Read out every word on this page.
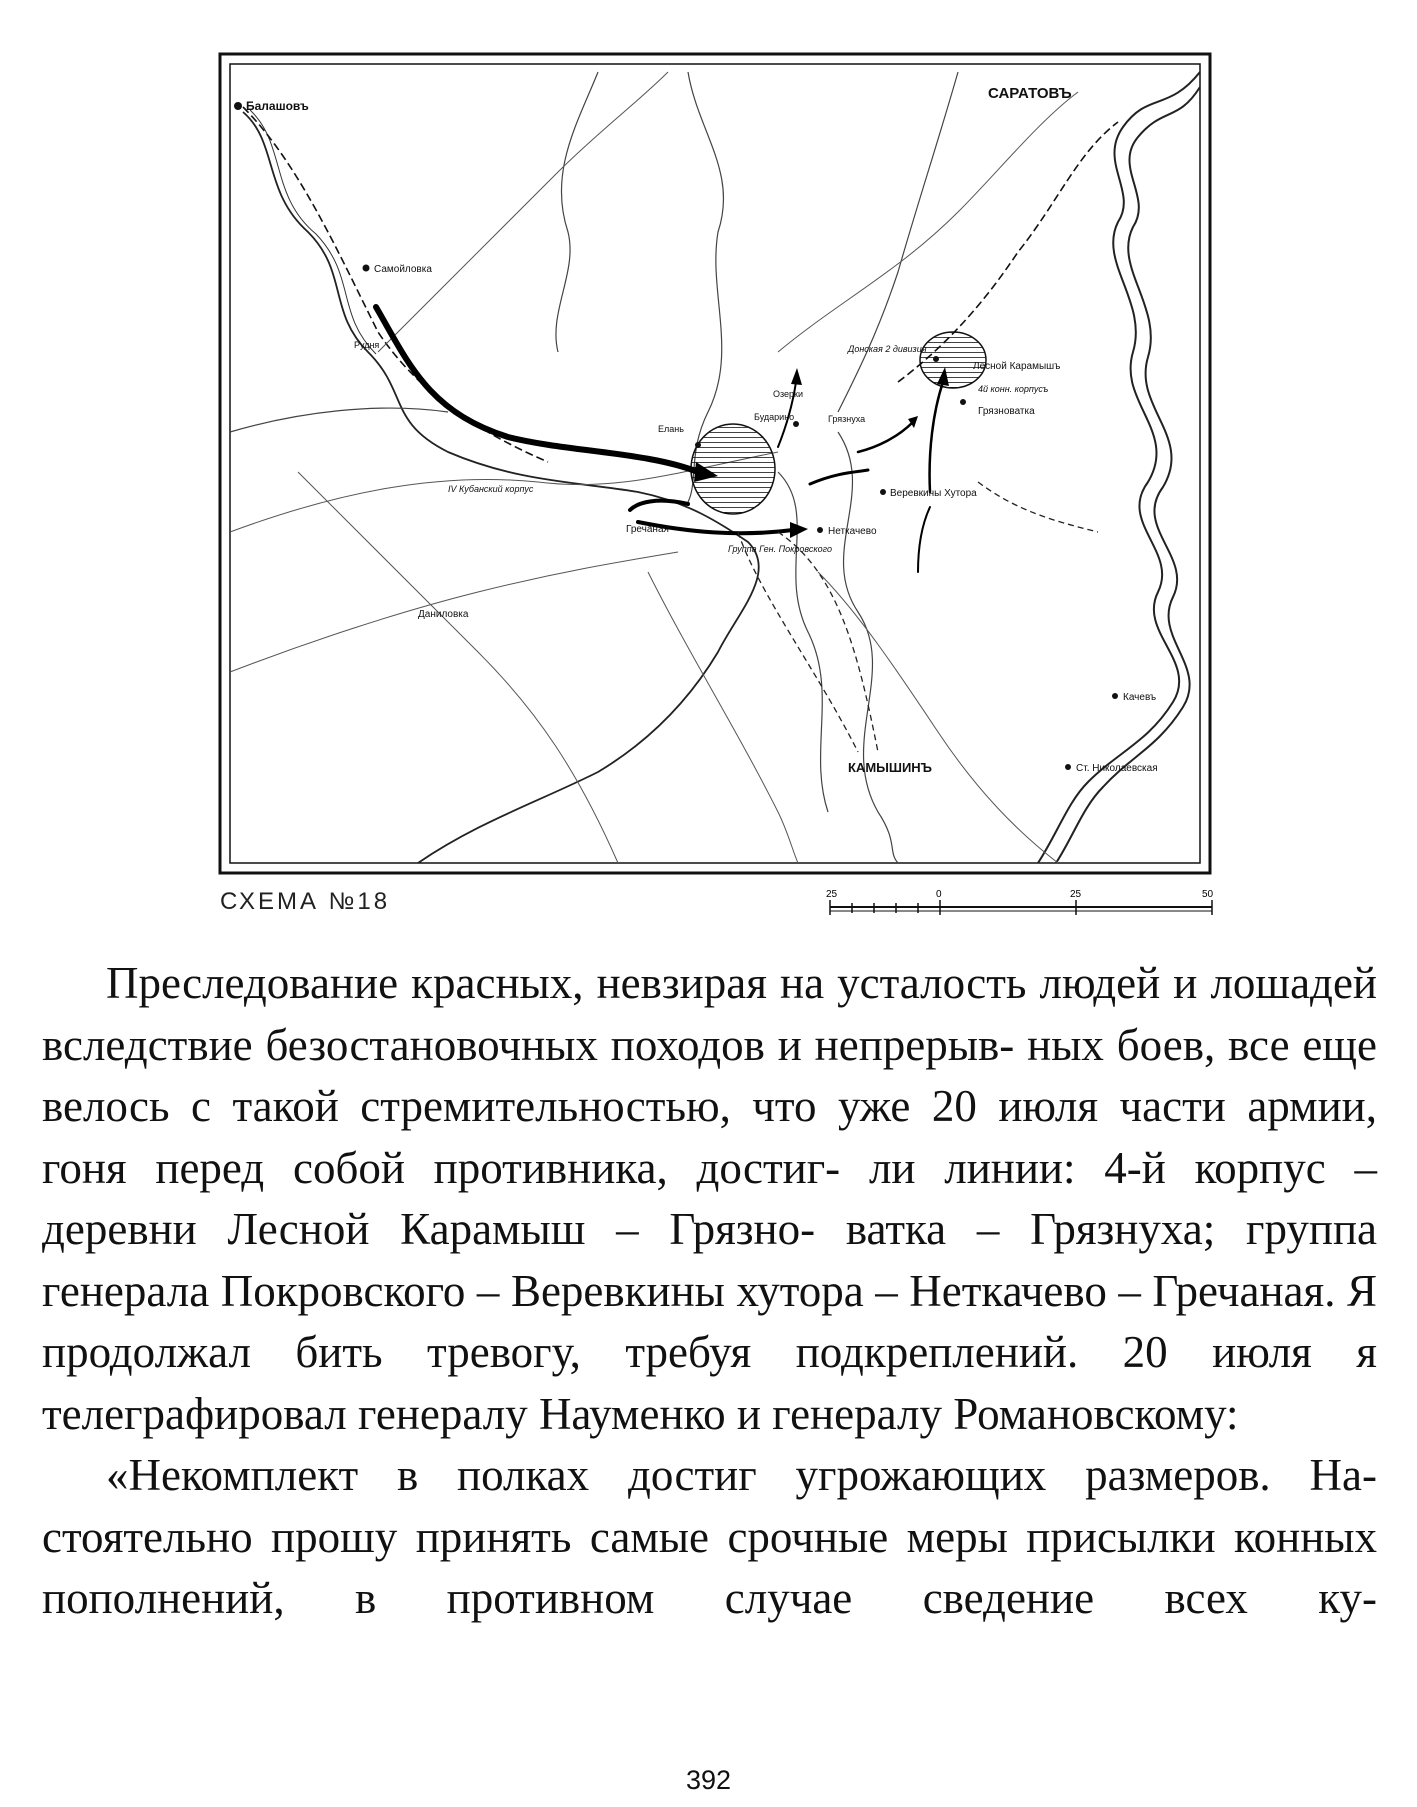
Балашовъ
САРАТОВЪ
Самойловка
Даниловка
КАМЫШИНЪ
Лесной Карамышъ
Грязноватка
Гречаная	Неткачево
Веревкины Хутора
Качевъ
Ст. Николаевская
IV Кубанский корпус
Донская 2 дивизия
4й конн. корпусъ
Группа Ген. Покровского
Рудня
Елань
Озерки
Бударино	Грязнуха
СХЕМА №18	25	0	25	50

Преследование красных, невзирая на усталость людей и лошадей вследствие безостановочных походов и непрерыв- ных боев, все еще велось с такой стремительностью, что уже 20 июля части армии, гоня перед собой противника, достиг- ли линии: 4-й корпус – деревни Лесной Карамыш – Грязно- ватка – Грязнуха; группа генерала Покровского – Веревкины хутора – Неткачево – Гречаная. Я продолжал бить тревогу, требуя подкреплений. 20 июля я телеграфировал генералу Науменко и генералу Романовскому:

«Некомплект в полках достиг угрожающих размеров. На- стоятельно прошу принять самые срочные меры присылки конных пополнений, в противном случае сведение всех ку-

392
